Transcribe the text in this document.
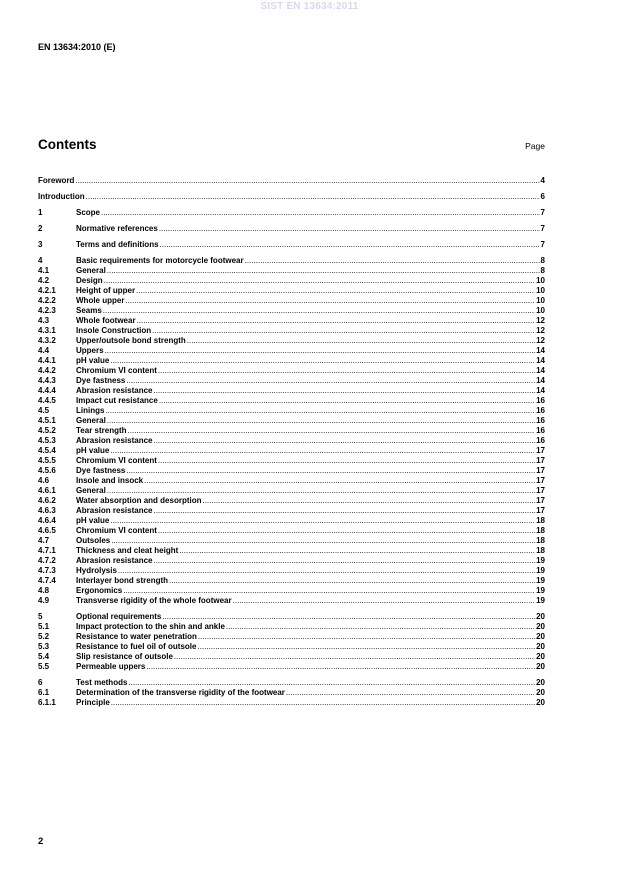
SIST EN 13634:2011
EN 13634:2010 (E)
Contents	Page
Foreword .....	4
Introduction .....	6
1	Scope .....	7
2	Normative references .....	7
3	Terms and definitions .....	7
4	Basic requirements for motorcycle footwear .....	8
4.1	General .....	8
4.2	Design .....	10
4.2.1	Height of upper .....	10
4.2.2	Whole upper .....	10
4.2.3	Seams .....	10
4.3	Whole footwear .....	12
4.3.1	Insole Construction .....	12
4.3.2	Upper/outsole bond strength .....	12
4.4	Uppers .....	14
4.4.1	pH value .....	14
4.4.2	Chromium VI content .....	14
4.4.3	Dye fastness .....	14
4.4.4	Abrasion resistance .....	14
4.4.5	Impact cut resistance .....	16
4.5	Linings .....	16
4.5.1	General .....	16
4.5.2	Tear strength .....	16
4.5.3	Abrasion resistance .....	16
4.5.4	pH value .....	17
4.5.5	Chromium VI content .....	17
4.5.6	Dye fastness .....	17
4.6	Insole and insock .....	17
4.6.1	General .....	17
4.6.2	Water absorption and desorption .....	17
4.6.3	Abrasion resistance .....	17
4.6.4	pH value .....	18
4.6.5	Chromium VI content .....	18
4.7	Outsoles .....	18
4.7.1	Thickness and cleat height .....	18
4.7.2	Abrasion resistance .....	19
4.7.3	Hydrolysis .....	19
4.7.4	Interlayer bond strength .....	19
4.8	Ergonomics .....	19
4.9	Transverse rigidity of the whole footwear .....	19
5	Optional requirements .....	20
5.1	Impact protection to the shin and ankle .....	20
5.2	Resistance to water penetration .....	20
5.3	Resistance to fuel oil of outsole .....	20
5.4	Slip resistance of outsole .....	20
5.5	Permeable uppers .....	20
6	Test methods .....	20
6.1	Determination of the transverse rigidity of the footwear .....	20
6.1.1	Principle .....	20
2
